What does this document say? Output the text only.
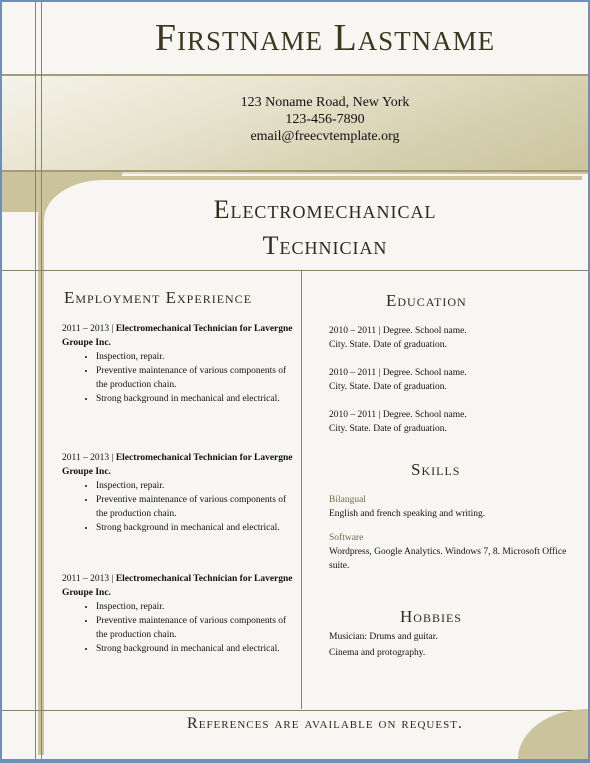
Firstname Lastname
123 Noname Road, New York
123-456-7890
email@freecvtemplate.org
Electromechanical
Technician
Employment Experience
2011 – 2013 | Electromechanical Technician for Lavergne Groupe Inc.
• Inspection, repair.
• Preventive maintenance of various components of the production chain.
• Strong background in mechanical and electrical.
2011 – 2013 | Electromechanical Technician for Lavergne Groupe Inc.
• Inspection, repair.
• Preventive maintenance of various components of the production chain.
• Strong background in mechanical and electrical.
2011 – 2013 | Electromechanical Technician for Lavergne Groupe Inc.
• Inspection, repair.
• Preventive maintenance of various components of the production chain.
• Strong background in mechanical and electrical.
Education
2010 – 2011 | Degree. School name.
City. State. Date of graduation.
2010 – 2011 | Degree. School name.
City. State. Date of graduation.
2010 – 2011 | Degree. School name.
City. State. Date of graduation.
Skills
Bilangual
English and french speaking and writing.
Software
Wordpress, Google Analytics. Windows 7, 8. Microsoft Office suite.
Hobbies
Musician: Drums and guitar.
Cinema and protography.
References are available on request.
